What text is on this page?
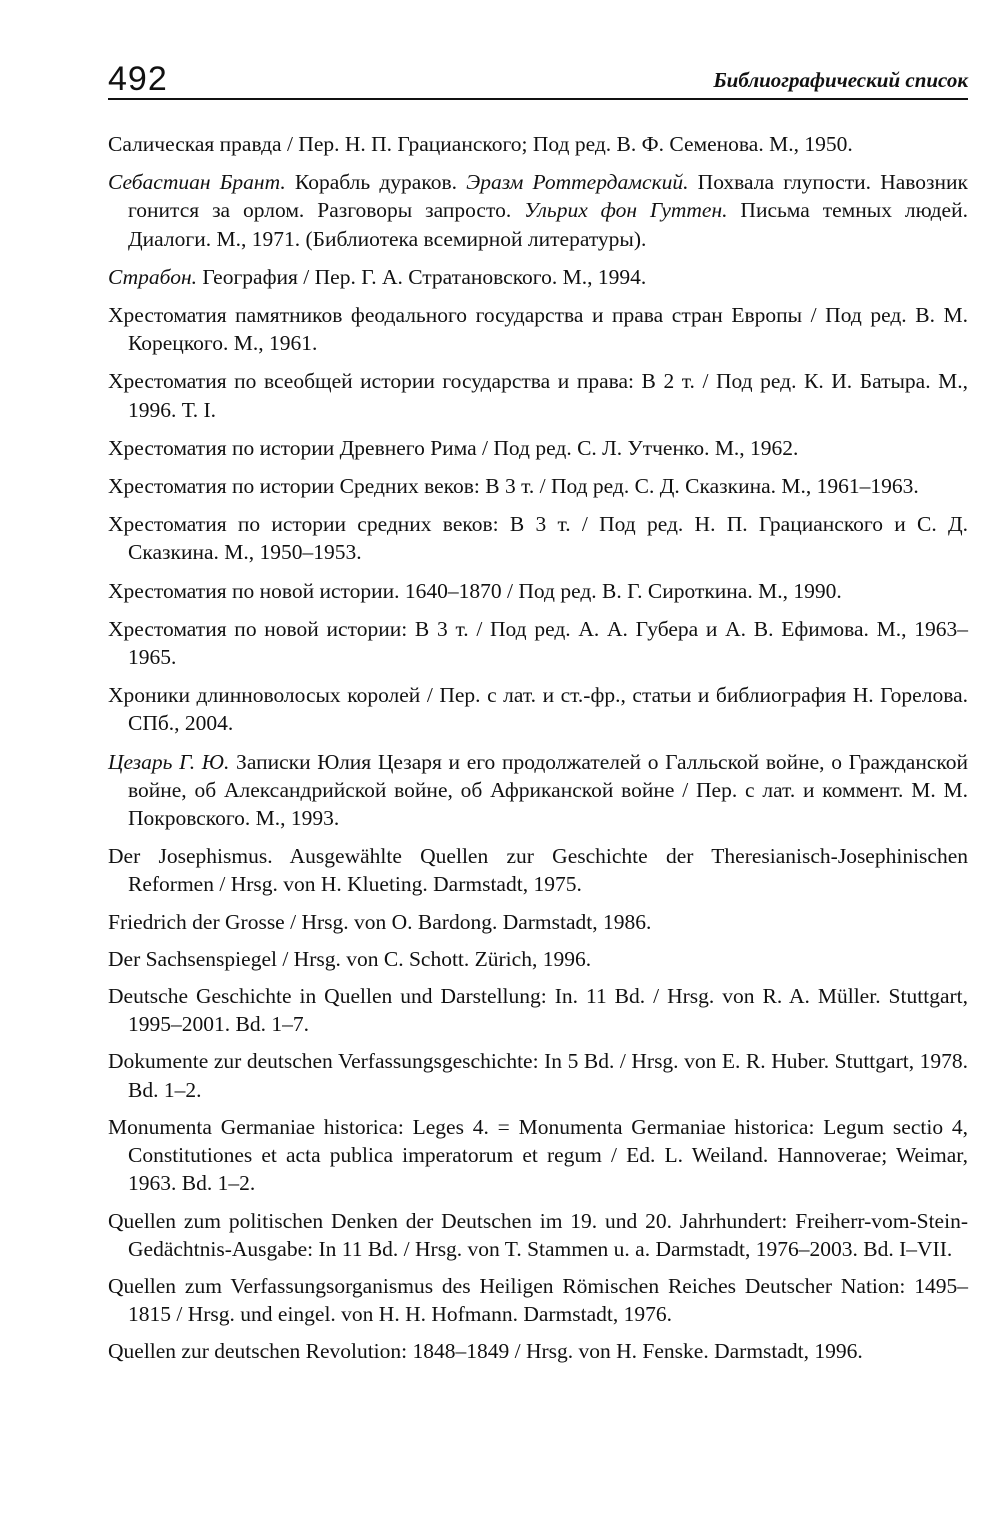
492	Библиографический список
Салическая правда / Пер. Н. П. Грацианского; Под ред. В. Ф. Семенова. М., 1950.
Себастиан Брант. Корабль дураков. Эразм Роттердамский. Похвала глупости. Навозник гонится за орлом. Разговоры запросто. Ульрих фон Гуттен. Письма темных людей. Диалоги. М., 1971. (Библиотека всемирной литературы).
Страбон. География / Пер. Г. А. Стратановского. М., 1994.
Хрестоматия памятников феодального государства и права стран Европы / Под ред. В. М. Корецкого. М., 1961.
Хрестоматия по всеобщей истории государства и права: В 2 т. / Под ред. К. И. Батыра. М., 1996. Т. I.
Хрестоматия по истории Древнего Рима / Под ред. С. Л. Утченко. М., 1962.
Хрестоматия по истории Средних веков: В 3 т. / Под ред. С. Д. Сказкина. М., 1961–1963.
Хрестоматия по истории средних веков: В 3 т. / Под ред. Н. П. Грацианского и С. Д. Сказкина. М., 1950–1953.
Хрестоматия по новой истории. 1640–1870 / Под ред. В. Г. Сироткина. М., 1990.
Хрестоматия по новой истории: В 3 т. / Под ред. А. А. Губера и А. В. Ефимова. М., 1963–1965.
Хроники длинноволосых королей / Пер. с лат. и ст.-фр., статьи и библиография Н. Горелова. СПб., 2004.
Цезарь Г. Ю. Записки Юлия Цезаря и его продолжателей о Галльской войне, о Гражданской войне, об Александрийской войне, об Африканской войне / Пер. с лат. и коммент. М. М. Покровского. М., 1993.
Der Josephismus. Ausgewählte Quellen zur Geschichte der Theresianisch-Josephinischen Reformen / Hrsg. von H. Klueting. Darmstadt, 1975.
Friedrich der Grosse / Hrsg. von O. Bardong. Darmstadt, 1986.
Der Sachsenspiegel / Hrsg. von C. Schott. Zürich, 1996.
Deutsche Geschichte in Quellen und Darstellung: In. 11 Bd. / Hrsg. von R. A. Müller. Stuttgart, 1995–2001. Bd. 1–7.
Dokumente zur deutschen Verfassungsgeschichte: In 5 Bd. / Hrsg. von E. R. Huber. Stuttgart, 1978. Bd. 1–2.
Monumenta Germaniae historica: Leges 4. = Monumenta Germaniae historica: Legum sectio 4, Constitutiones et acta publica imperatorum et regum / Ed. L. Weiland. Hannoverae; Weimar, 1963. Bd. 1–2.
Quellen zum politischen Denken der Deutschen im 19. und 20. Jahrhundert: Freiherr-vom-Stein-Gedächtnis-Ausgabe: In 11 Bd. / Hrsg. von T. Stammen u. a. Darmstadt, 1976–2003. Bd. I–VII.
Quellen zum Verfassungsorganismus des Heiligen Römischen Reiches Deutscher Nation: 1495–1815 / Hrsg. und eingel. von H. H. Hofmann. Darmstadt, 1976.
Quellen zur deutschen Revolution: 1848–1849 / Hrsg. von H. Fenske. Darmstadt, 1996.
